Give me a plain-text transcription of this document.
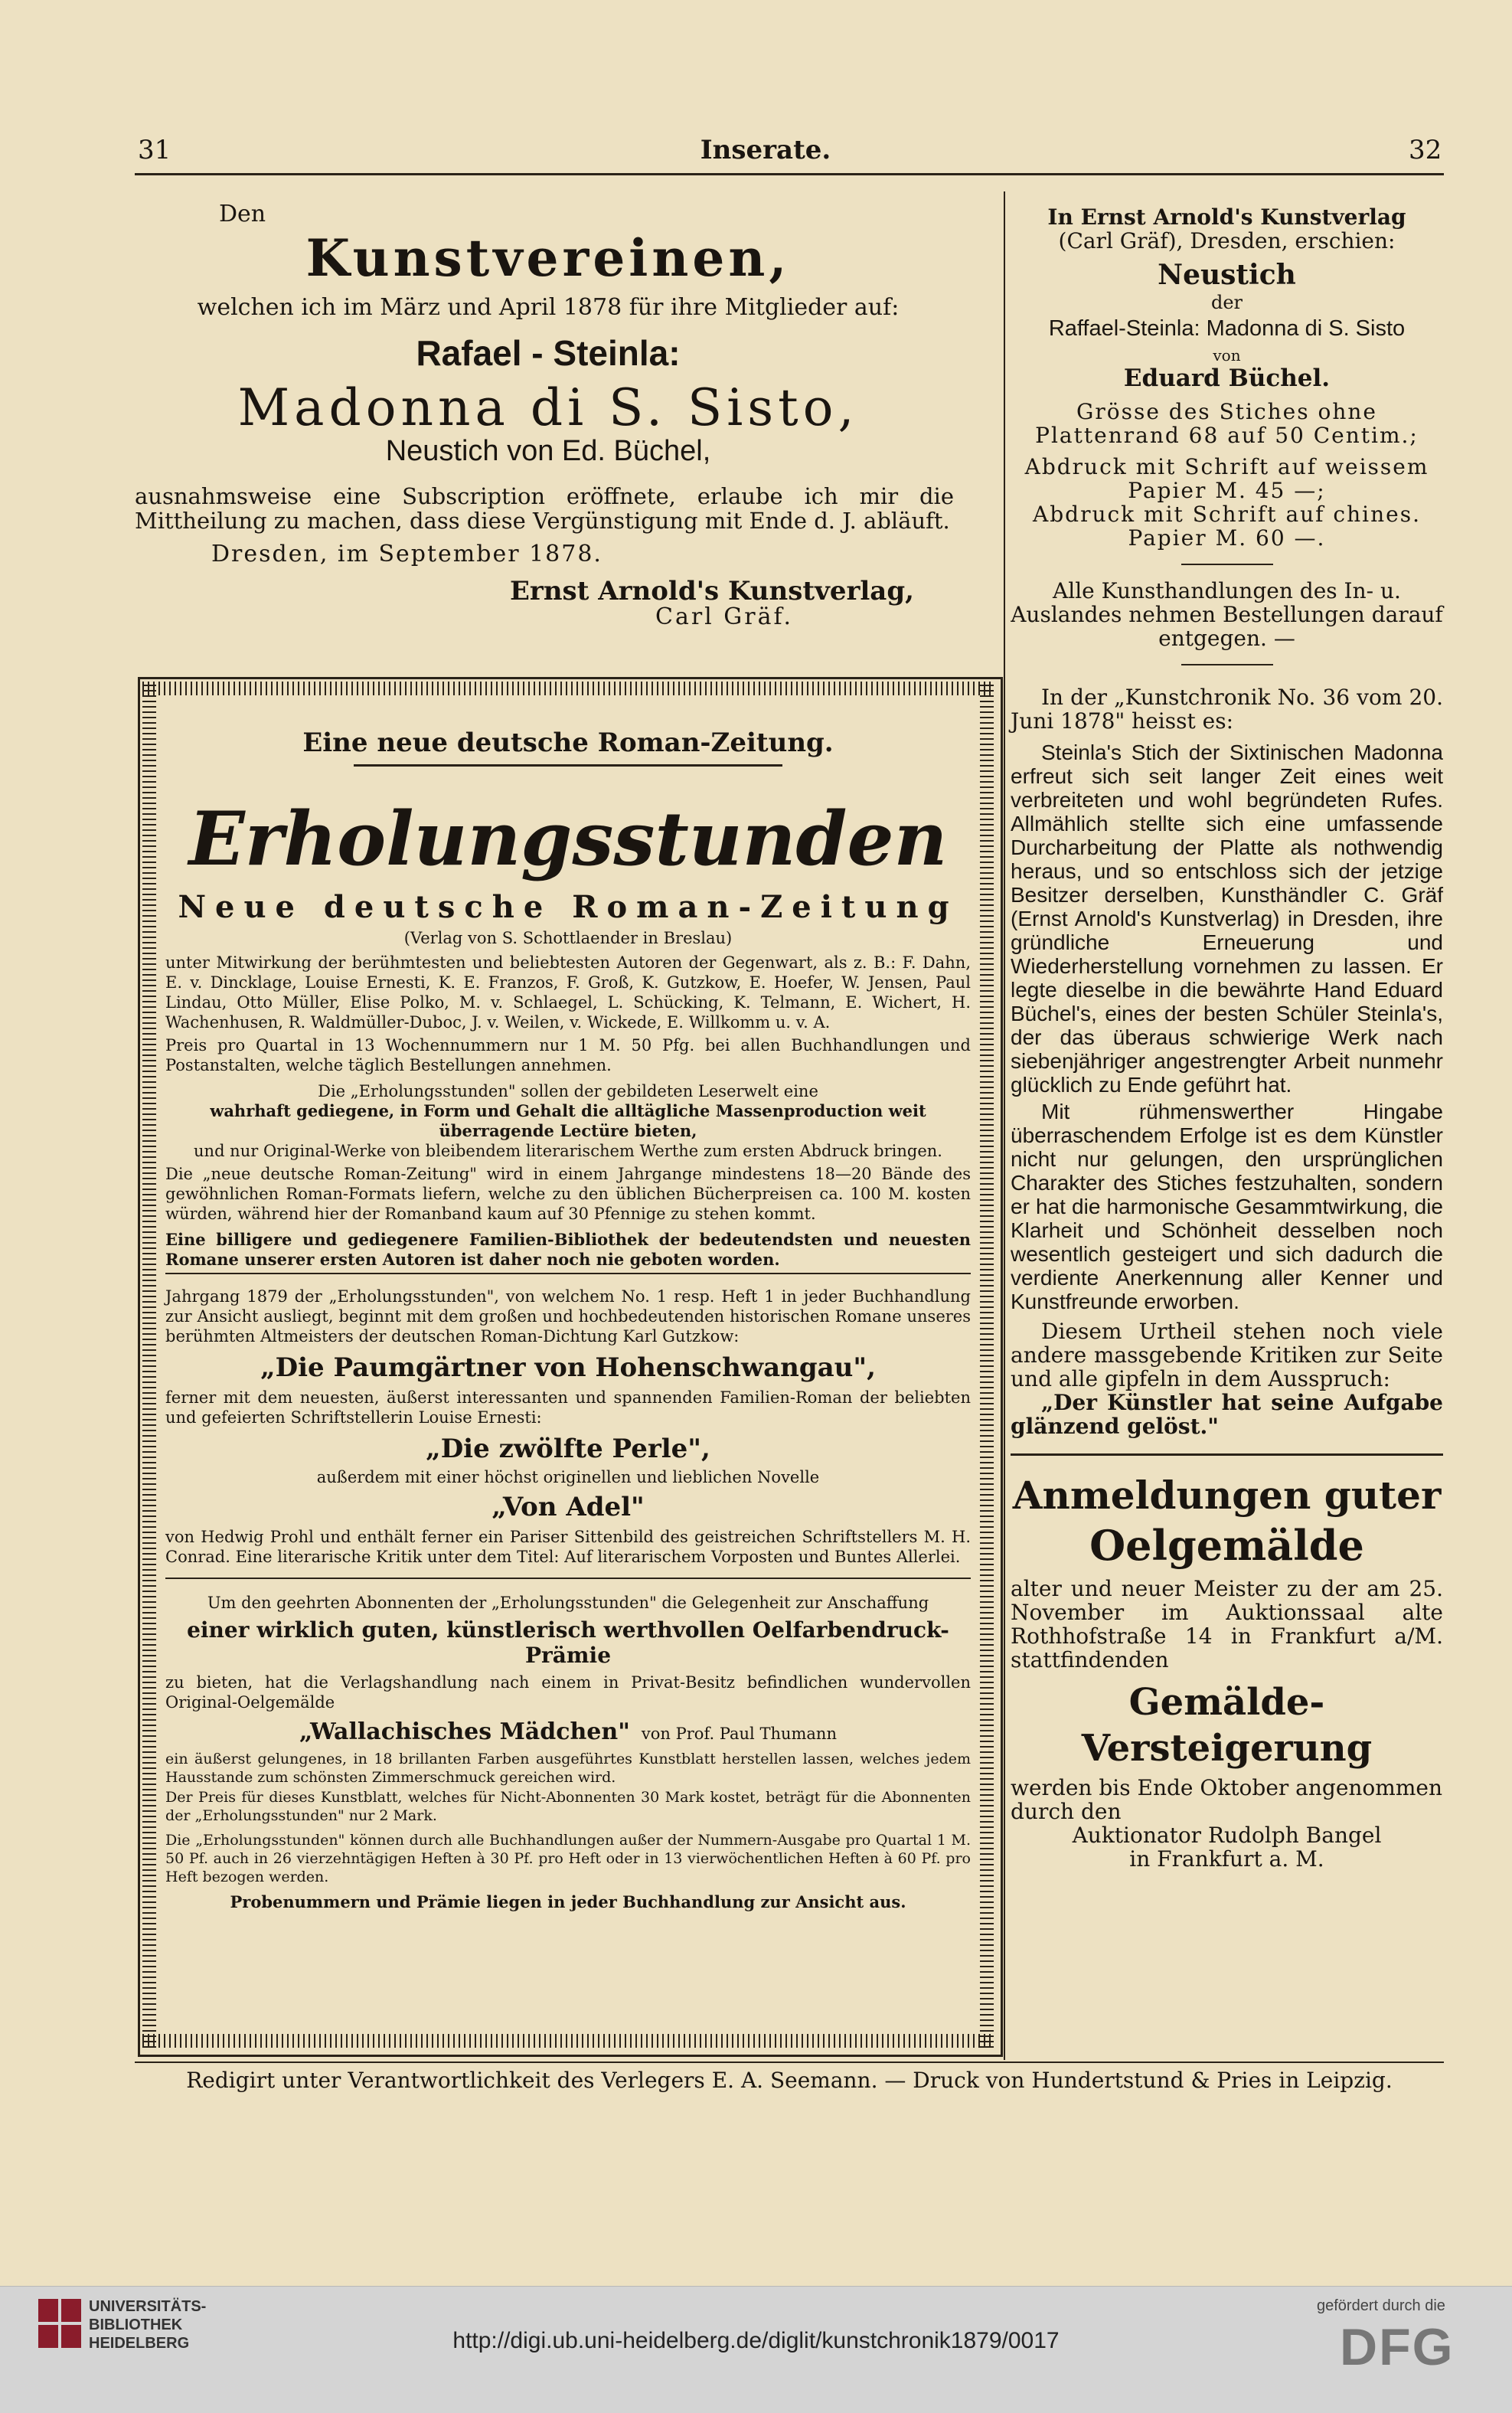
31	Inserate.	32
Den
Kunstvereinen,
welchen ich im März und April 1878 für ihre Mitglieder auf:
Rafael - Steinla:
Madonna di S. Sisto,
Neustich von Ed. Büchel,
ausnahmsweise eine Subscription eröffnete, erlaube ich mir die Mittheilung zu machen, dass diese Vergünstigung mit Ende d. J. abläuft.
Dresden, im September 1878.
Ernst Arnold's Kunstverlag,
Carl Gräf.
Eine neue deutsche Roman-Zeitung.
Erholungsstunden
Neue deutsche Roman-Zeitung
(Verlag von S. Schottlaender in Breslau)

unter Mitwirkung der berühmtesten und beliebtesten Autoren der Gegenwart, als z. B.: F. Dahn, E. v. Dincklage, Louise Ernesti, K. E. Franzos, F. Groß, K. Gutzkow, E. Hoefer, W. Jensen, Paul Lindau, Otto Müller, Elise Polko, M. v. Schlaegel, L. Schücking, K. Telmann, E. Wichert, H. Wachenhusen, R. Waldmüller-Duboc, J. v. Weilen, v. Wickede, E. Willkomm u. v. A.

Preis pro Quartal in 13 Wochennummern nur 1 M. 50 Pfg. bei allen Buchhandlungen und Postanstalten, welche täglich Bestellungen annehmen.

Die „Erholungsstunden" sollen der gebildeten Leserwelt eine

wahrhaft gediegene, in Form und Gehalt die alltägliche Massenproduction weit überragende Lectüre bieten,

und nur Original-Werke von bleibendem literarischem Werthe zum ersten Abdruck bringen.

Die „neue deutsche Roman-Zeitung" wird in einem Jahrgange mindestens 18—20 Bände des gewöhnlichen Roman-Formats liefern, welche zu den üblichen Bücherpreisen ca. 100 M. kosten würden, während hier der Romanband kaum auf 30 Pfennige zu stehen kommt.

Eine billigere und gediegenere Familien-Bibliothek der bedeutendsten und neuesten Romane unserer ersten Autoren ist daher noch nie geboten worden.

Jahrgang 1879 der „Erholungsstunden", von welchem No. 1 resp. Heft 1 in jeder Buchhandlung zur Ansicht ausliegt, beginnt mit dem großen und hochbedeutenden historischen Romane unseres berühmten Altmeisters der deutschen Roman-Dichtung Karl Gutzkow:

„Die Paumgärtner von Hohenschwangau",

ferner mit dem neuesten, äußerst interessanten und spannenden Familien-Roman der beliebten und gefeierten Schriftstellerin Louise Ernesti:

„Die zwölfte Perle",

außerdem mit einer höchst originellen und lieblichen Novelle

„Von Adel"

von Hedwig Prohl und enthält ferner ein Pariser Sittenbild des geistreichen Schriftstellers M. H. Conrad. Eine literarische Kritik unter dem Titel: Auf literarischem Vorposten und Buntes Allerlei.

Um den geehrten Abonnenten der „Erholungsstunden" die Gelegenheit zur Anschaffung

einer wirklich guten, künstlerisch werthvollen Oelfarbendruck-Prämie

zu bieten, hat die Verlagshandlung nach einem in Privat-Besitz befindlichen wundervollen Original-Oelgemälde

„Wallachisches Mädchen" von Prof. Paul Thumann

ein äußerst gelungenes, in 18 brillanten Farben ausgeführtes Kunstblatt herstellen lassen, welches jedem Hausstande zum schönsten Zimmerschmuck gereichen wird.

Der Preis für dieses Kunstblatt, welches für Nicht-Abonnenten 30 Mark kostet, beträgt für die Abonnenten der „Erholungsstunden" nur 2 Mark.

Die „Erholungsstunden" können durch alle Buchhandlungen außer der Nummern-Ausgabe pro Quartal 1 M. 50 Pf. auch in 26 vierzehntägigen Heften à 30 Pf. pro Heft oder in 13 vierwöchentlichen Heften à 60 Pf. pro Heft bezogen werden.

Probenummern und Prämie liegen in jeder Buchhandlung zur Ansicht aus.

In Ernst Arnold's Kunstverlag
(Carl Gräf), Dresden, erschien:
Neustich
der
Raffael-Steinla: Madonna di S. Sisto
von
Eduard Büchel.
Grösse des Stiches ohne Plattenrand 68 auf 50 Centim.;
Abdruck mit Schrift auf weissem Papier M. 45 —;
Abdruck mit Schrift auf chines. Papier M. 60 —.
Alle Kunsthandlungen des In- u. Auslandes nehmen Bestellungen darauf entgegen. —

In der „Kunstchronik No. 36 vom 20. Juni 1878" heisst es:

Steinla's Stich der Sixtinischen Madonna erfreut sich seit langer Zeit eines weit verbreiteten und wohl begründeten Rufes. Allmählich stellte sich eine umfassende Durcharbeitung der Platte als nothwendig heraus, und so entschloss sich der jetzige Besitzer derselben, Kunsthändler C. Gräf (Ernst Arnold's Kunstverlag) in Dresden, ihre gründliche Erneuerung und Wiederherstellung vornehmen zu lassen. Er legte dieselbe in die bewährte Hand Eduard Büchel's, eines der besten Schüler Steinla's, der das überaus schwierige Werk nach siebenjähriger angestrengter Arbeit nunmehr glücklich zu Ende geführt hat.

Mit rühmenswerther Hingabe überraschendem Erfolge ist es dem Künstler nicht nur gelungen, den ursprünglichen Charakter des Stiches festzuhalten, sondern er hat die harmonische Gesammtwirkung, die Klarheit und Schönheit desselben noch wesentlich gesteigert und sich dadurch die verdiente Anerkennung aller Kenner und Kunstfreunde erworben.

Diesem Urtheil stehen noch viele andere massgebende Kritiken zur Seite und alle gipfeln in dem Ausspruch:

„Der Künstler hat seine Aufgabe glänzend gelöst."

Anmeldungen guter
Oelgemälde

alter und neuer Meister zu der am 25. November im Auktionssaal alte Rothhofstraße 14 in Frankfurt a/M. stattfindenden

Gemälde-Versteigerung

werden bis Ende Oktober angenommen durch den

Auktionator Rudolph Bangel
in Frankfurt a. M.
Redigirt unter Verantwortlichkeit des Verlegers E. A. Seemann. — Druck von Hundertstund & Pries in Leipzig.
UNIVERSITÄTS-
BIBLIOTHEK
HEIDELBERG	http://digi.ub.uni-heidelberg.de/diglit/kunstchronik1879/0017
gefördert durch die
DFG
